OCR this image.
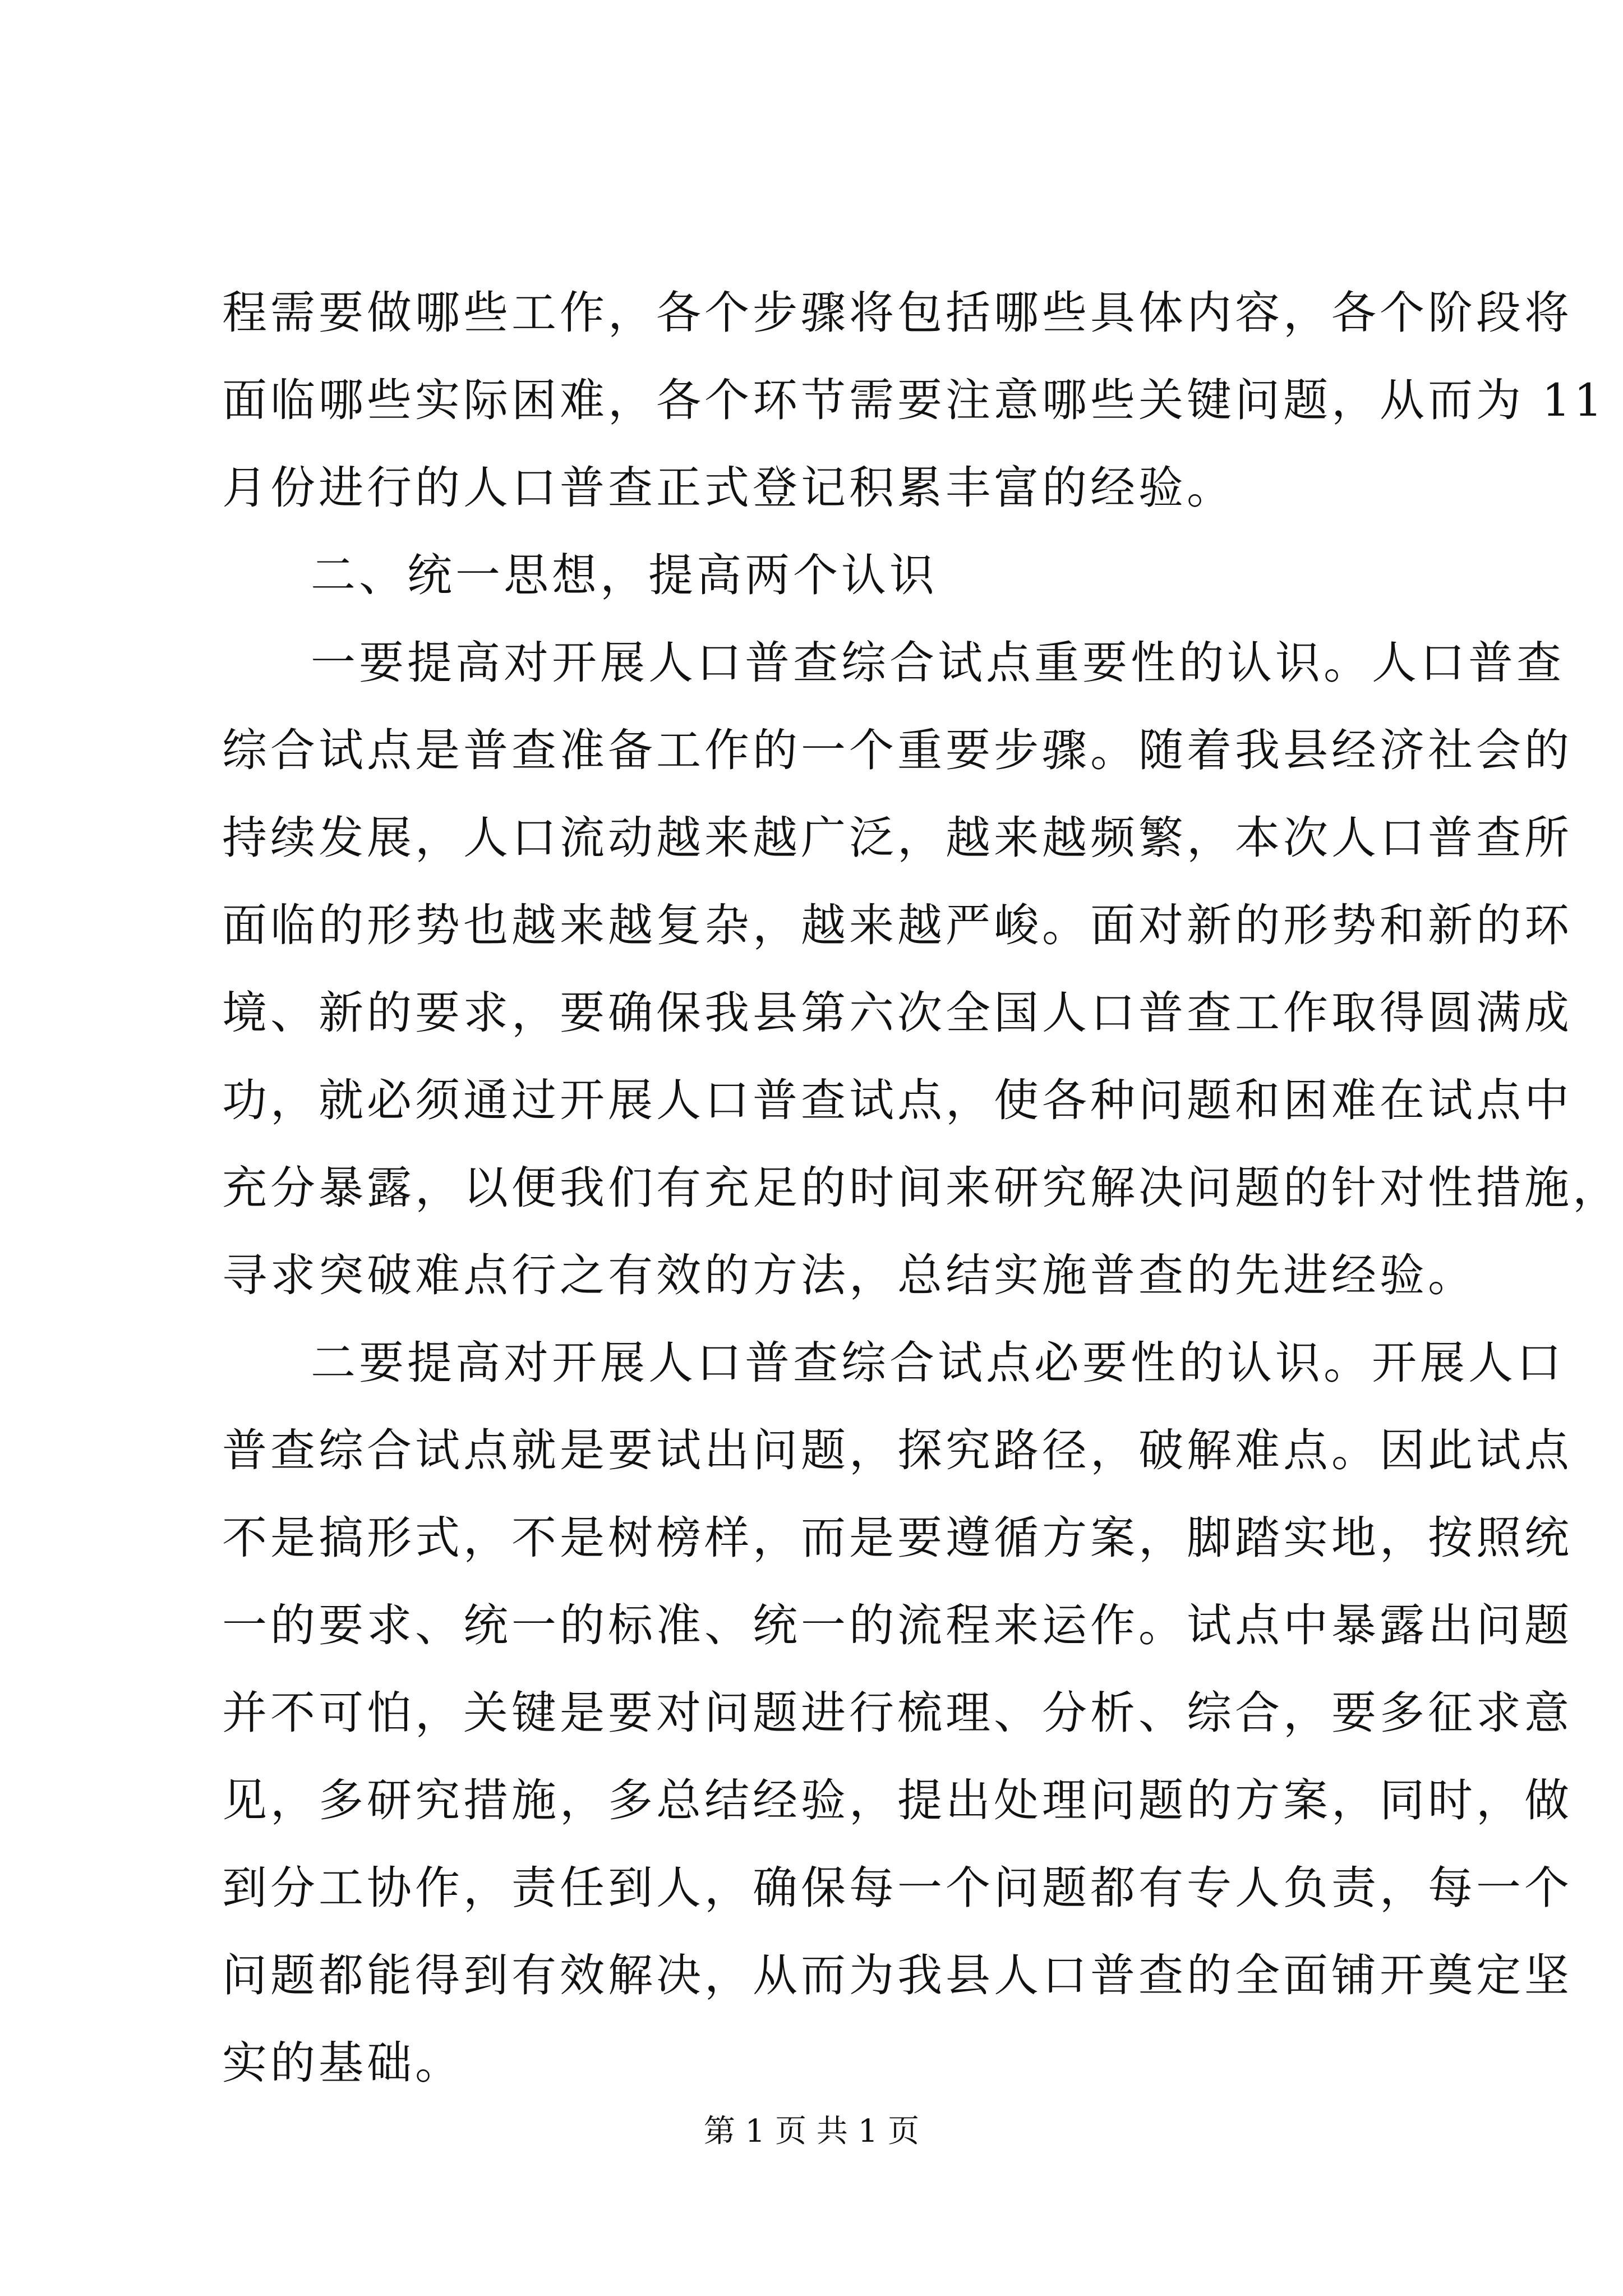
程需要做哪些工作，各个步骤将包括哪些具体内容，各个阶段将
面临哪些实际困难，各个环节需要注意哪些关键问题，从而为 11
月份进行的人口普查正式登记积累丰富的经验。
二、统一思想，提高两个认识
一要提高对开展人口普查综合试点重要性的认识。人口普查
综合试点是普查准备工作的一个重要步骤。随着我县经济社会的
持续发展，人口流动越来越广泛，越来越频繁，本次人口普查所
面临的形势也越来越复杂，越来越严峻。面对新的形势和新的环
境、新的要求，要确保我县第六次全国人口普查工作取得圆满成
功，就必须通过开展人口普查试点，使各种问题和困难在试点中
充分暴露，以便我们有充足的时间来研究解决问题的针对性措施，
寻求突破难点行之有效的方法，总结实施普查的先进经验。
二要提高对开展人口普查综合试点必要性的认识。开展人口
普查综合试点就是要试出问题，探究路径，破解难点。因此试点
不是搞形式，不是树榜样，而是要遵循方案，脚踏实地，按照统
一的要求、统一的标准、统一的流程来运作。试点中暴露出问题
并不可怕，关键是要对问题进行梳理、分析、综合，要多征求意
见，多研究措施，多总结经验，提出处理问题的方案，同时，做
到分工协作，责任到人，确保每一个问题都有专人负责，每一个
问题都能得到有效解决，从而为我县人口普查的全面铺开奠定坚
实的基础。
第 1 页 共 1 页
